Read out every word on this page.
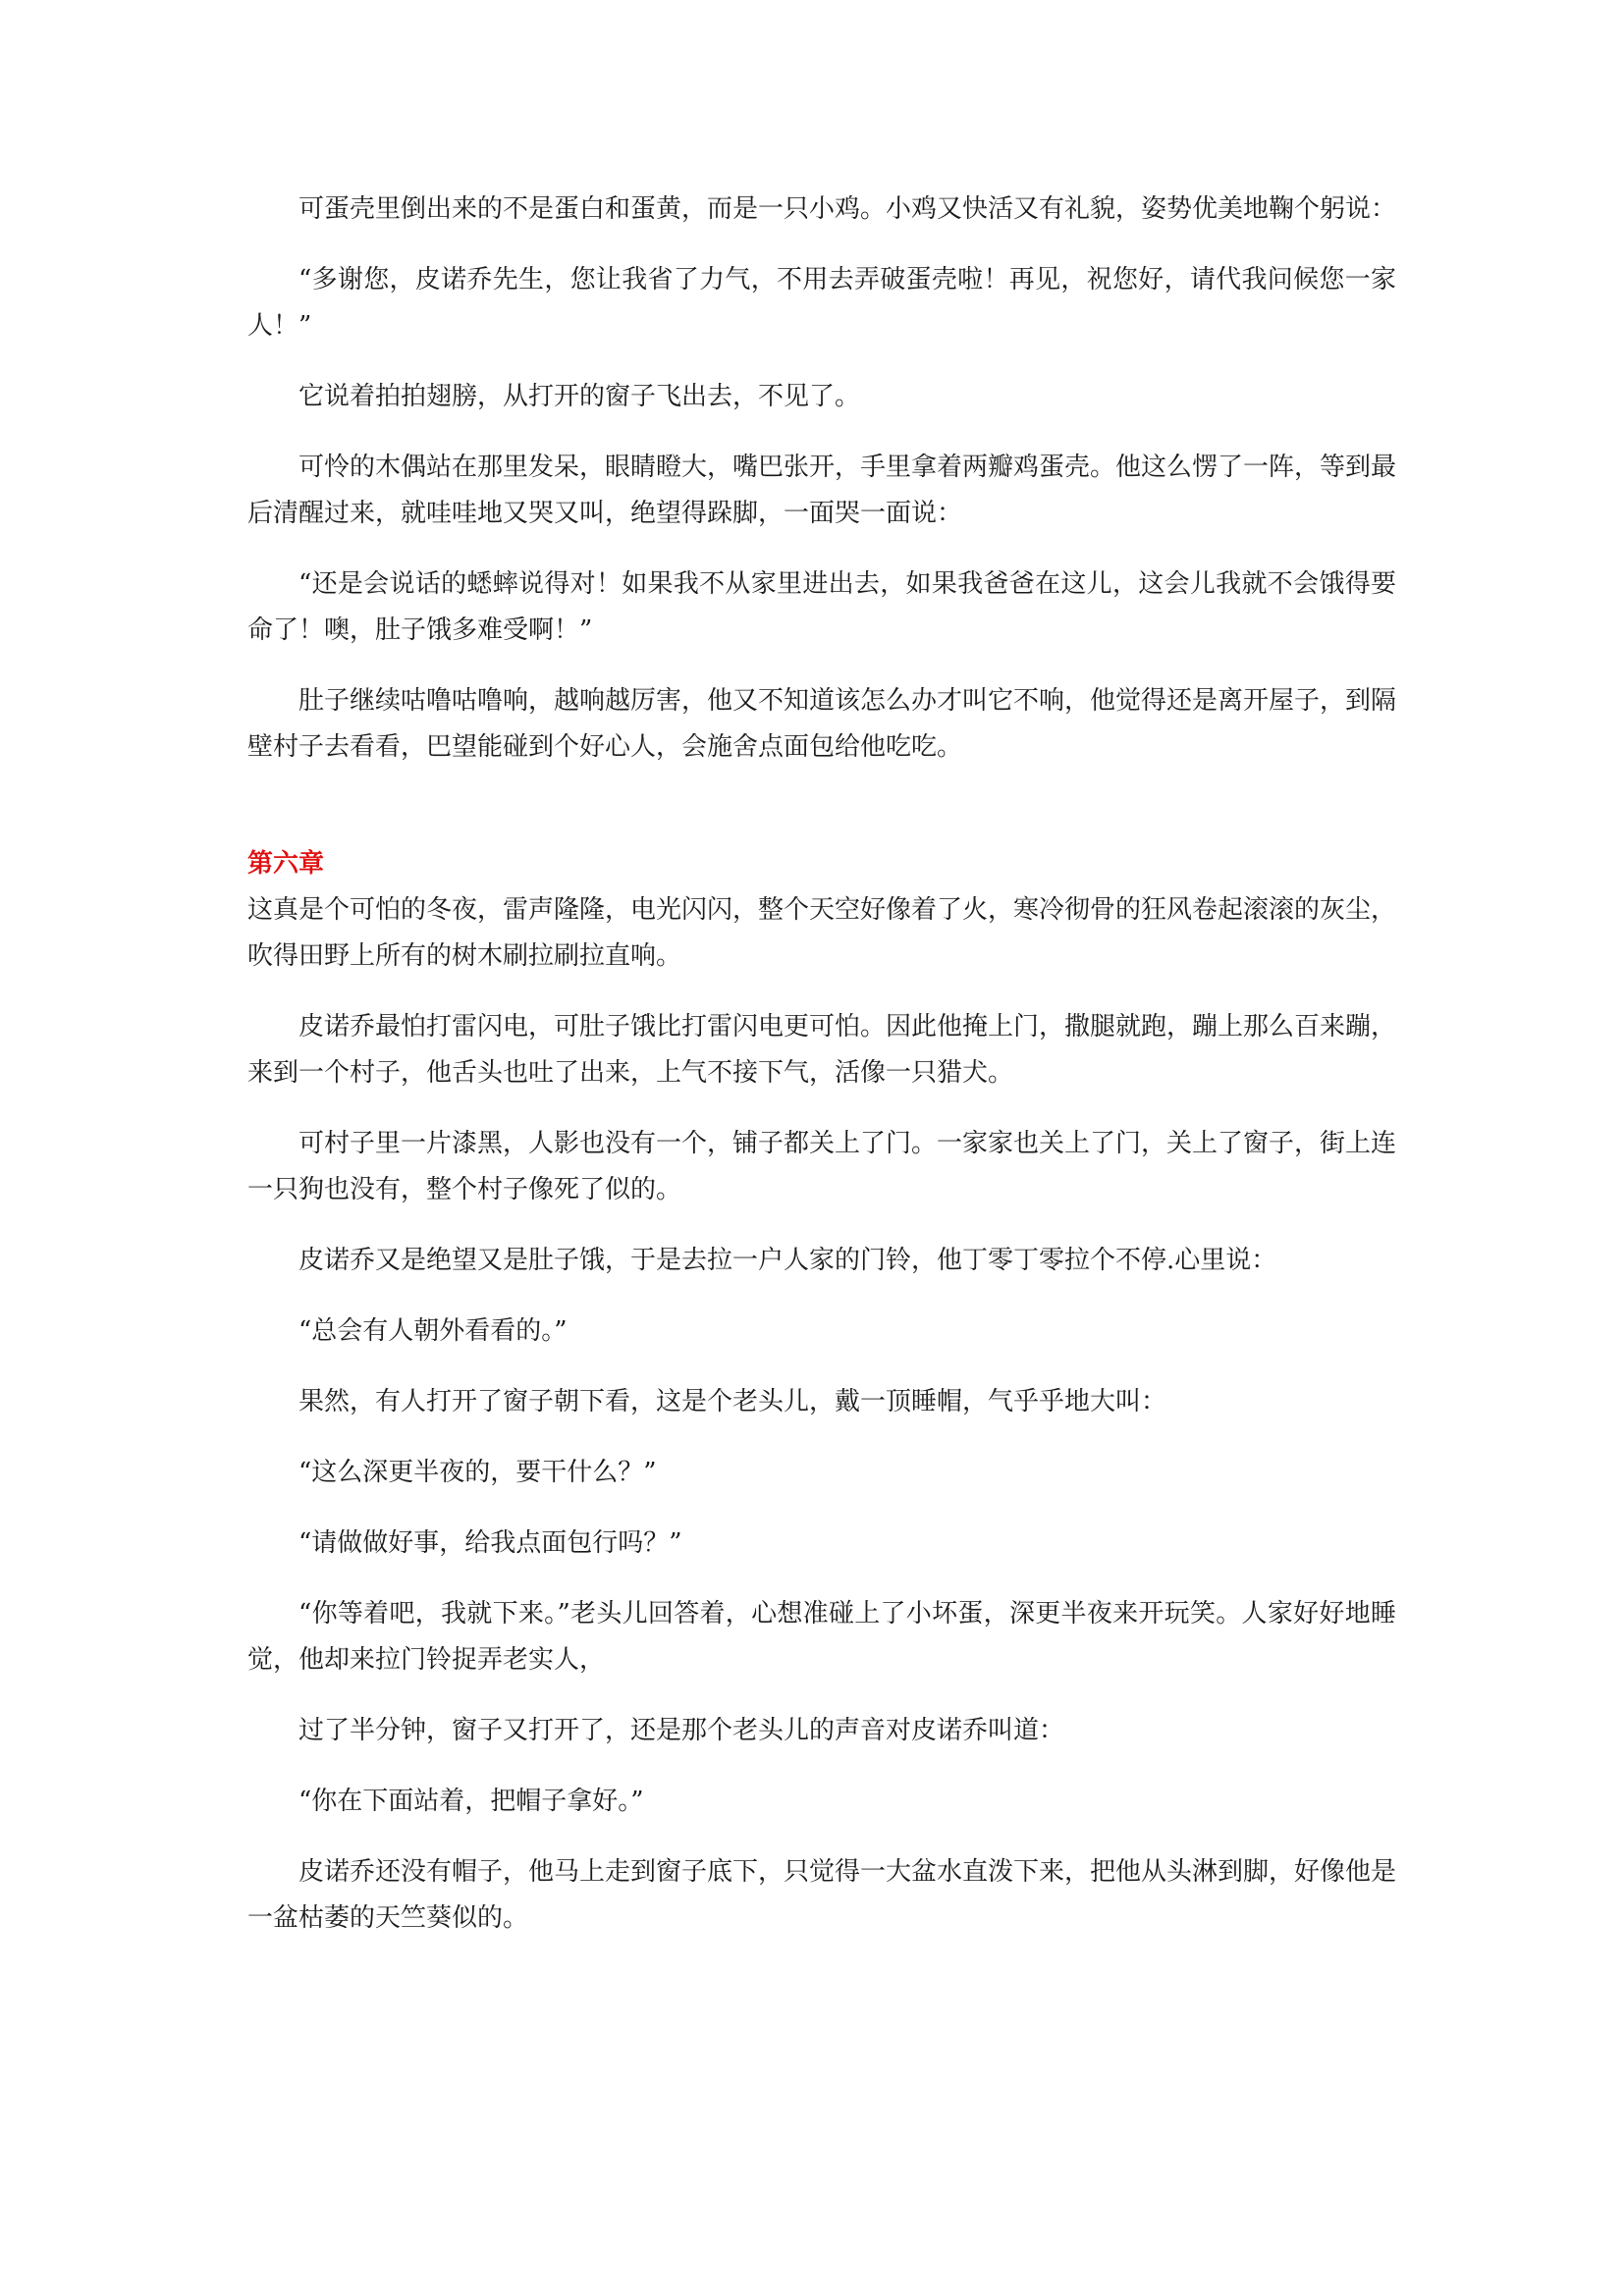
可蛋壳里倒出来的不是蛋白和蛋黄，而是一只小鸡。小鸡又快活又有礼貌，姿势优美地鞠个躬说：

“多谢您，皮诺乔先生，您让我省了力气，不用去弄破蛋壳啦！再见，祝您好，请代我问候您一家人！”

它说着拍拍翅膀，从打开的窗子飞出去，不见了。

可怜的木偶站在那里发呆，眼睛瞪大，嘴巴张开，手里拿着两瓣鸡蛋壳。他这么愣了一阵，等到最后清醒过来，就哇哇地又哭又叫，绝望得跺脚，一面哭一面说：

“还是会说话的蟋蟀说得对！如果我不从家里进出去，如果我爸爸在这儿，这会儿我就不会饿得要命了！噢，肚子饿多难受啊！”

肚子继续咕噜咕噜响，越响越厉害，他又不知道该怎么办才叫它不响，他觉得还是离开屋子，到隔壁村子去看看，巴望能碰到个好心人，会施舍点面包给他吃吃。

第六章

这真是个可怕的冬夜，雷声隆隆，电光闪闪，整个天空好像着了火，寒冷彻骨的狂风卷起滚滚的灰尘，吹得田野上所有的树木刷拉刷拉直响。

皮诺乔最怕打雷闪电，可肚子饿比打雷闪电更可怕。因此他掩上门，撒腿就跑，蹦上那么百来蹦，来到一个村子，他舌头也吐了出来，上气不接下气，活像一只猎犬。

可村子里一片漆黑，人影也没有一个，铺子都关上了门。一家家也关上了门，关上了窗子，街上连一只狗也没有，整个村子像死了似的。

皮诺乔又是绝望又是肚子饿，于是去拉一户人家的门铃，他丁零丁零拉个不停.心里说：

“总会有人朝外看看的。”

果然，有人打开了窗子朝下看，这是个老头儿，戴一顶睡帽，气乎乎地大叫：

“这么深更半夜的，要干什么？”

“请做做好事，给我点面包行吗？”

“你等着吧，我就下来。”老头儿回答着，心想准碰上了小坏蛋，深更半夜来开玩笑。人家好好地睡觉，他却来拉门铃捉弄老实人，

过了半分钟，窗子又打开了，还是那个老头儿的声音对皮诺乔叫道：

“你在下面站着，把帽子拿好。”

皮诺乔还没有帽子，他马上走到窗子底下，只觉得一大盆水直泼下来，把他从头淋到脚，好像他是一盆枯萎的天竺葵似的。
